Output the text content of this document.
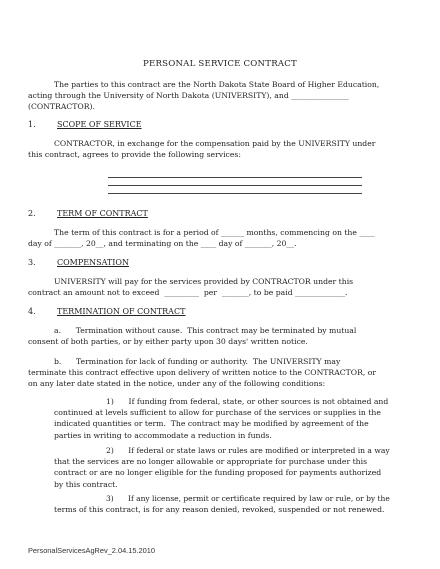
PERSONAL SERVICE CONTRACT
The parties to this contract are the North Dakota State Board of Higher Education,
acting through the University of North Dakota (UNIVERSITY), and _______________
(CONTRACTOR).
1.	SCOPE OF SERVICE
CONTRACTOR, in exchange for the compensation paid by the UNIVERSITY under
this contract, agrees to provide the following services:
2.	TERM OF CONTRACT
The term of this contract is for a period of ______ months, commencing on the ____
day of _______, 20__, and terminating on the ____ day of _______, 20__.
3.	COMPENSATION
UNIVERSITY will pay for the services provided by CONTRACTOR under this
contract an amount not to exceed  _________  per  _______, to be paid _____________.
4.	TERMINATION OF CONTRACT
a.      Termination without cause.  This contract may be terminated by mutual
consent of both parties, or by either party upon 30 days' written notice.
b.      Termination for lack of funding or authority.  The UNIVERSITY may
terminate this contract effective upon delivery of written notice to the CONTRACTOR, or
on any later date stated in the notice, under any of the following conditions:
1)      If funding from federal, state, or other sources is not obtained and
continued at levels sufficient to allow for purchase of the services or supplies in the
indicated quantities or term.  The contract may be modified by agreement of the
parties in writing to accommodate a reduction in funds.
2)      If federal or state laws or rules are modified or interpreted in a way
that the services are no longer allowable or appropriate for purchase under this
contract or are no longer eligible for the funding proposed for payments authorized
by this contract.
3)      If any license, permit or certificate required by law or rule, or by the
terms of this contract, is for any reason denied, revoked, suspended or not renewed.
PersonalServicesAgRev_2.04.15.2010
